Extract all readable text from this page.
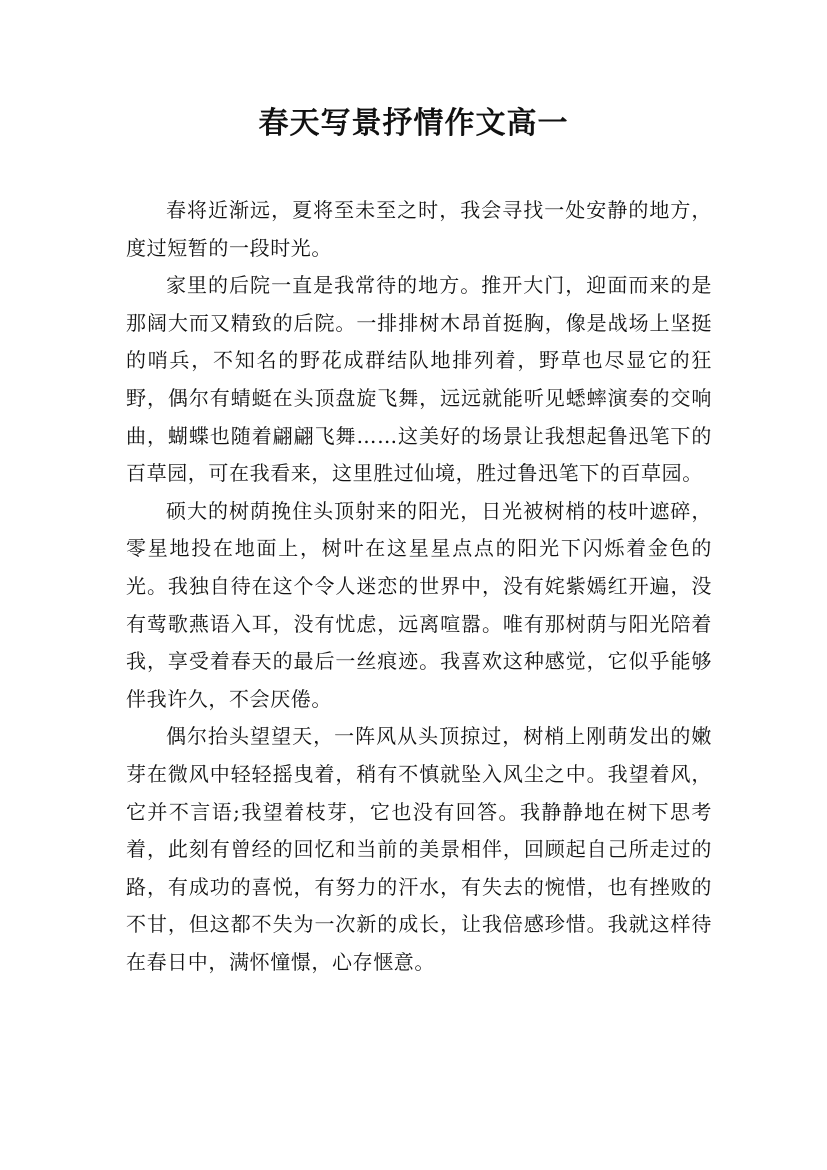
春天写景抒情作文高一

春将近渐远，夏将至未至之时，我会寻找一处安静的地方，度过短暂的一段时光。

家里的后院一直是我常待的地方。推开大门，迎面而来的是那阔大而又精致的后院。一排排树木昂首挺胸，像是战场上坚挺的哨兵，不知名的野花成群结队地排列着，野草也尽显它的狂野，偶尔有蜻蜓在头顶盘旋飞舞，远远就能听见蟋蟀演奏的交响曲，蝴蝶也随着翩翩飞舞……这美好的场景让我想起鲁迅笔下的百草园，可在我看来，这里胜过仙境，胜过鲁迅笔下的百草园。

硕大的树荫挽住头顶射来的阳光，日光被树梢的枝叶遮碎，零星地投在地面上，树叶在这星星点点的阳光下闪烁着金色的光。我独自待在这个令人迷恋的世界中，没有姹紫嫣红开遍，没有莺歌燕语入耳，没有忧虑，远离喧嚣。唯有那树荫与阳光陪着我，享受着春天的最后一丝痕迹。我喜欢这种感觉，它似乎能够伴我许久，不会厌倦。

偶尔抬头望望天，一阵风从头顶掠过，树梢上刚萌发出的嫩芽在微风中轻轻摇曳着，稍有不慎就坠入风尘之中。我望着风，它并不言语;我望着枝芽，它也没有回答。我静静地在树下思考着，此刻有曾经的回忆和当前的美景相伴，回顾起自己所走过的路，有成功的喜悦，有努力的汗水，有失去的惋惜，也有挫败的不甘，但这都不失为一次新的成长，让我倍感珍惜。我就这样待在春日中，满怀憧憬，心存惬意。
